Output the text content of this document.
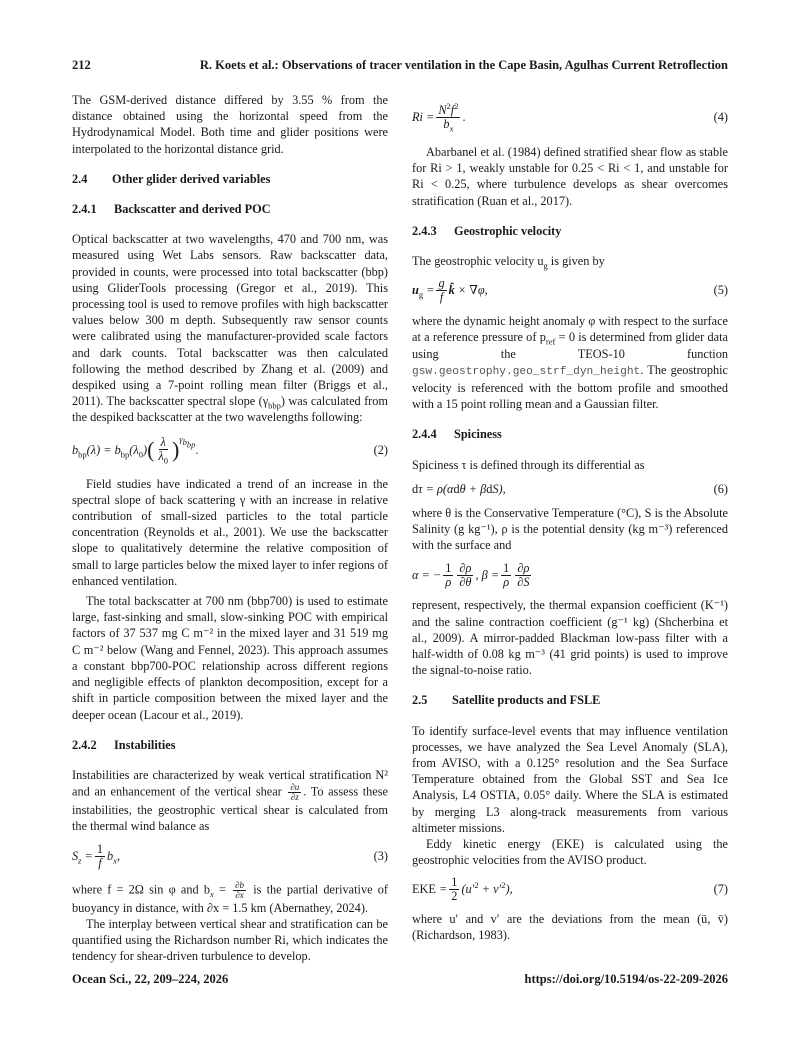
212	R. Koets et al.: Observations of tracer ventilation in the Cape Basin, Agulhas Current Retroflection

The GSM-derived distance differed by 3.55 % from the distance obtained using the horizontal speed from the Hydrodynamical Model. Both time and glider positions were interpolated to the horizontal distance grid.

2.4 Other glider derived variables
2.4.1 Backscatter and derived POC

Optical backscatter at two wavelengths, 470 and 700 nm, was measured using Wet Labs sensors. Raw backscatter data, provided in counts, were processed into total backscatter (bbp) using GliderTools processing (Gregor et al., 2019). This processing tool is used to remove profiles with high backscatter values below 300 m depth. Subsequently raw sensor counts were calibrated using the manufacturer-provided scale factors and dark counts. Total backscatter was then calculated following the method described by Zhang et al. (2009) and despiked using a 7-point rolling mean filter (Briggs et al., 2011). The backscatter spectral slope $(\gamma_{bbp})$ was calculated from the despiked backscatter at the two wavelengths following:

$b_{bp}(\lambda) = b_{bp}(\lambda_0)$ ( $\frac{\lambda}{\lambda_0} )^{\gamma_{b_{bp}}}$ .	(2)

Field studies have indicated a trend of an increase in the spectral slope of back scattering γ with an increase in relative contribution of small-sized particles to the total particle concentration (Reynolds et al., 2001). We use the backscatter slope to qualitatively determine the relative composition of small to large particles below the mixed layer to infer regions of enhanced ventilation.

The total backscatter at 700 nm (bbp700) is used to estimate large, fast-sinking and small, slow-sinking POC with empirical factors of 37 537 mg C m⁻² in the mixed layer and 31 519 mg C m⁻² below (Wang and Fennel, 2023). This approach assumes a constant bbp700-POC relationship across different regions and negligible effects of plankton decomposition, except for a shift in particle composition between the mixed layer and the deeper ocean (Lacour et al., 2019).

2.4.2 Instabilities

Instabilities are characterized by weak vertical stratification N² and an enhancement of the vertical shear $\frac{\partial u}{\partial z}$ . To assess these instabilities, the geostrophic vertical shear is calculated from the thermal wind balance as

$S_z = \frac{1}{f} b_x$,	(3)

where f = 2Ω sin φ and $b_x = \frac{\partial b}{\partial x}$ is the partial derivative of buoyancy in distance, with ∂x = 1.5 km (Abernathey, 2024).

The interplay between vertical shear and stratification can be quantified using the Richardson number Ri, which indicates the tendency for shear-driven turbulence to develop.

$Ri = \frac{N^2f^2}{b_x}$ .	(4)

Abarbanel et al. (1984) defined stratified shear flow as stable for Ri > 1, weakly unstable for 0.25 < Ri < 1, and unstable for Ri < 0.25, where turbulence develops as shear overcomes stratification (Ruan et al., 2017).

2.4.3 Geostrophic velocity

The geostrophic velocity $u_g$ is given by

$u_g = \frac{g}{f}$ k̂ × ∇φ,	(5)

where the dynamic height anomaly φ with respect to the surface at a reference pressure of $p_{ref} = 0$ is determined from glider data using the TEOS-10 function gsw.geostrophy.geo_strf_dyn_height. The geostrophic velocity is referenced with the bottom profile and smoothed with a 15 point rolling mean and a Gaussian filter.

2.4.4 Spiciness

Spiciness τ is defined through its differential as

dτ = ρ(αdθ + βdS),	(6)

where θ is the Conservative Temperature (°C), S is the Absolute Salinity (g kg⁻¹), ρ is the potential density (kg m⁻³) referenced with the surface and

α = − $\frac{1}{\rho} \frac{\partial\rho}{\partial\theta}$ , $\beta = \frac{1}{\rho} \frac{\partial\rho}{\partial S}$

represent, respectively, the thermal expansion coefficient (K⁻¹) and the saline contraction coefficient (g⁻¹ kg) (Shcherbina et al., 2009). A mirror-padded Blackman low-pass filter with a half-width of 0.08 kg m⁻³ (41 grid points) is used to improve the signal-to-noise ratio.

2.5 Satellite products and FSLE

To identify surface-level events that may influence ventilation processes, we have analyzed the Sea Level Anomaly (SLA), from AVISO, with a 0.125° resolution and the Sea Surface Temperature obtained from the Global SST and Sea Ice Analysis, L4 OSTIA, 0.05° daily. Where the SLA is estimated by merging L3 along-track measurements from various altimeter missions.

Eddy kinetic energy (EKE) is calculated using the geostrophic velocities from the AVISO product.

EKE = $\frac{1}{2} (u'^2 + v'^2)$,	(7)

where u′ and v′ are the deviations from the mean (ū, v̄) (Richardson, 1983).

Ocean Sci., 22, 209–224, 2026	https://doi.org/10.5194/os-22-209-2026
